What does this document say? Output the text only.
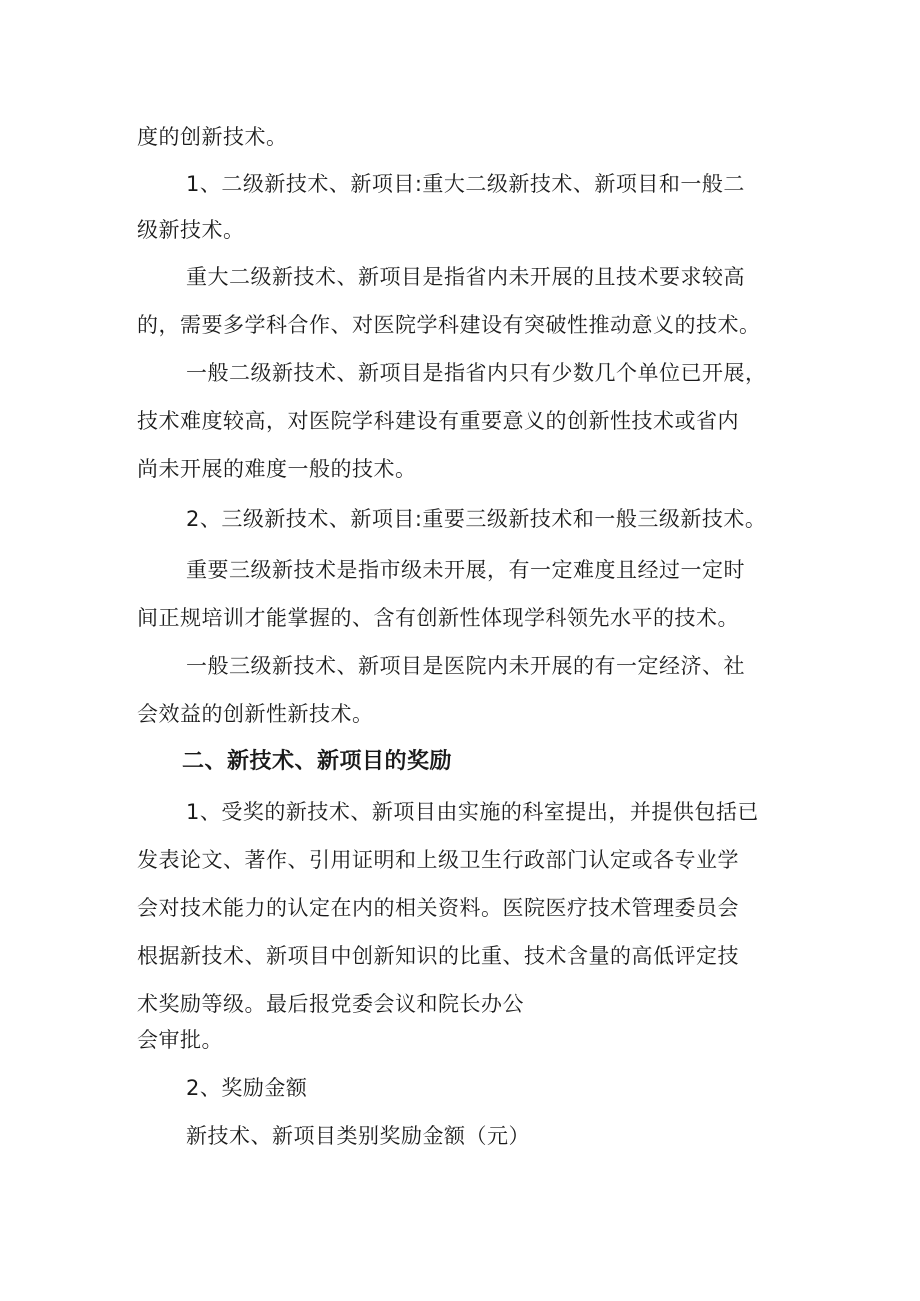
度的创新技术。

1、二级新技术、新项目:重大二级新技术、新项目和一般二

级新技术。

重大二级新技术、新项目是指省内未开展的且技术要求较高

的，需要多学科合作、对医院学科建设有突破性推动意义的技术。

一般二级新技术、新项目是指省内只有少数几个单位已开展，

技术难度较高，对医院学科建设有重要意义的创新性技术或省内

尚未开展的难度一般的技术。

2、三级新技术、新项目:重要三级新技术和一般三级新技术。

重要三级新技术是指市级未开展，有一定难度且经过一定时

间正规培训才能掌握的、含有创新性体现学科领先水平的技术。

一般三级新技术、新项目是医院内未开展的有一定经济、社

会效益的创新性新技术。

二、新技术、新项目的奖励

1、受奖的新技术、新项目由实施的科室提出，并提供包括已

发表论文、著作、引用证明和上级卫生行政部门认定或各专业学

会对技术能力的认定在内的相关资料。医院医疗技术管理委员会

根据新技术、新项目中创新知识的比重、技术含量的高低评定技

术奖励等级。最后报党委会议和院长办公

会审批。

2、奖励金额

新技术、新项目类别奖励金额（元）
